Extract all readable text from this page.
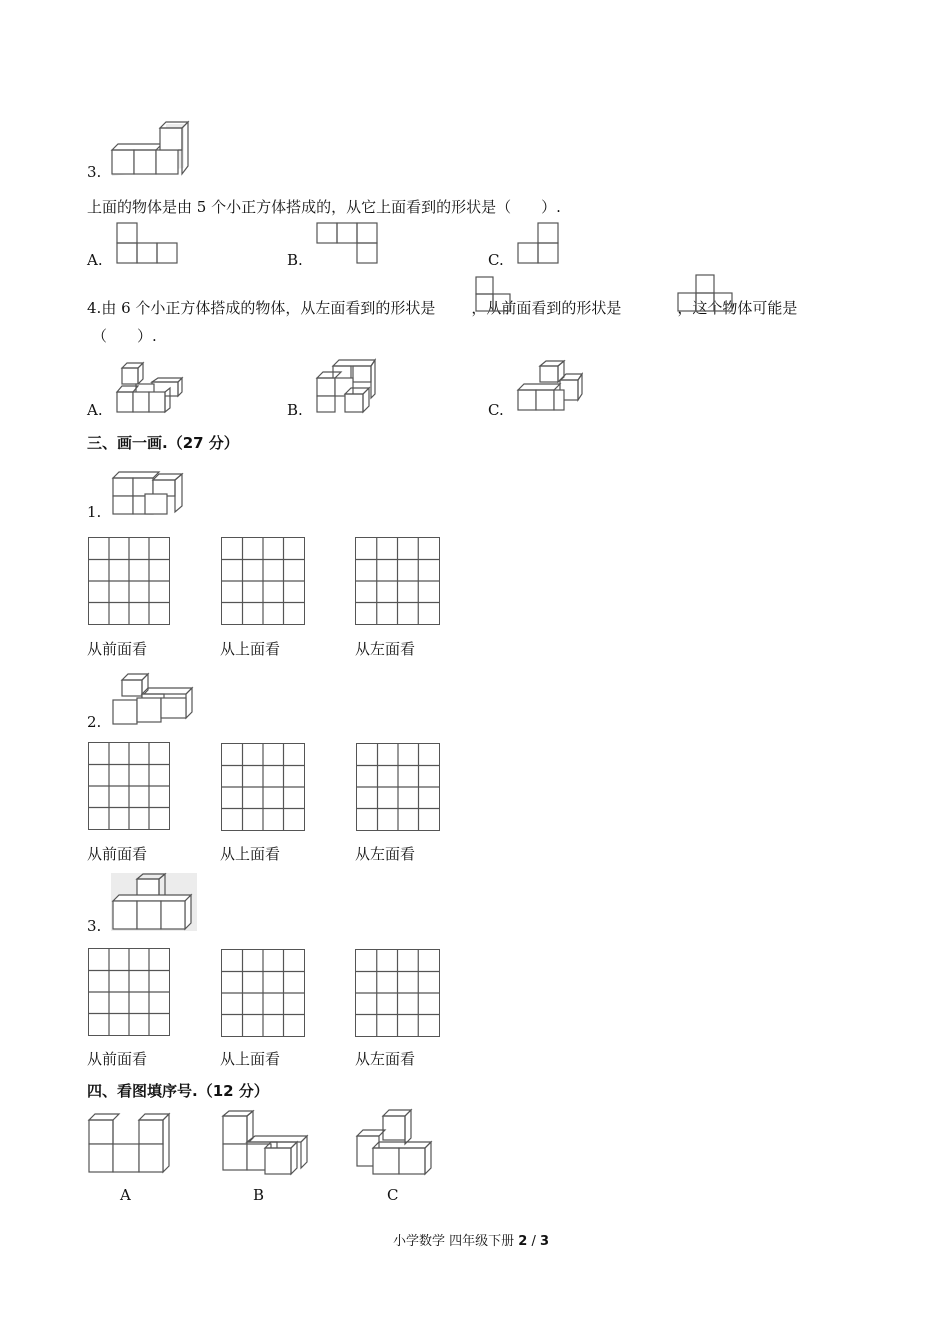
3.
上面的物体是由 5 个小正方体搭成的，从它上面看到的形状是（　　）.
A.	B.	C.
4.由 6 个小正方体搭成的物体，从左面看到的形状是 ，从前面看到的形状是	，这个物体可能是
（　　）.
A.	B.	C.
三、画一画.（27 分）
1.
从前面看	从上面看	从左面看
2.
从前面看	从上面看	从左面看
3.
从前面看	从上面看	从左面看
四、看图填序号.（12 分）
A	B	C
小学数学 四年级下册 2 / 3
